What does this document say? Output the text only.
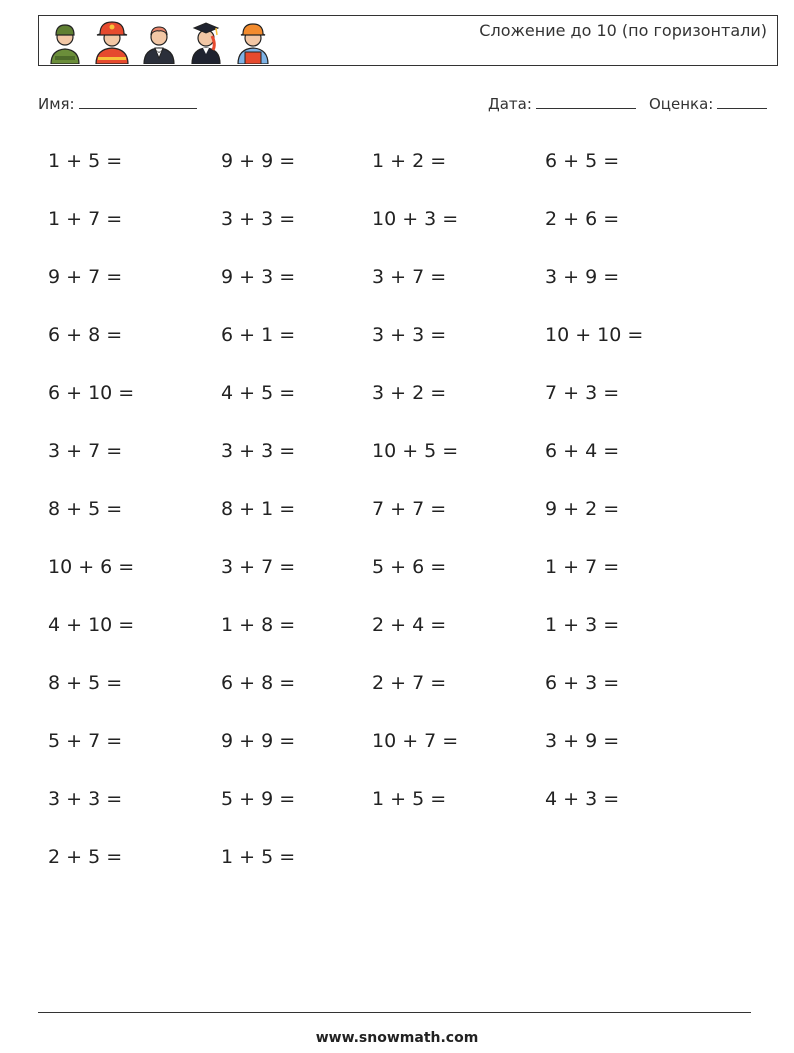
Сложение до 10 (по горизонтали)
Имя:	Дата:	Оценка:
1 + 5 =
1 + 7 =
9 + 7 =
6 + 8 =
6 + 10 =
3 + 7 =
8 + 5 =
10 + 6 =
4 + 10 =
8 + 5 =
5 + 7 =
3 + 3 =
2 + 5 =
9 + 9 =
3 + 3 =
9 + 3 =
6 + 1 =
4 + 5 =
3 + 3 =
8 + 1 =
3 + 7 =
1 + 8 =
6 + 8 =
9 + 9 =
5 + 9 =
1 + 5 =
1 + 2 =
10 + 3 =
3 + 7 =
3 + 3 =
3 + 2 =
10 + 5 =
7 + 7 =
5 + 6 =
2 + 4 =
2 + 7 =
10 + 7 =
1 + 5 =
6 + 5 =
2 + 6 =
3 + 9 =
10 + 10 =
7 + 3 =
6 + 4 =
9 + 2 =
1 + 7 =
1 + 3 =
6 + 3 =
3 + 9 =
4 + 3 =
www.snowmath.com
